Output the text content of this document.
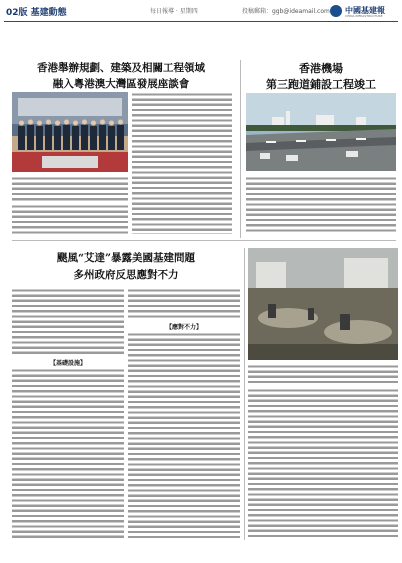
02版 基建動態	每日報導 · 星期四	投稿郵箱：ggb@ideamail.com 中國基建報
CHINA INFRASTRUCTURE
香港舉辦規劃、建築及相關工程領域
融入粵港澳大灣區發展座談會
香港機場
第三跑道鋪設工程竣工
颶風“艾達”暴露美國基建問題
多州政府反思應對不力
【基礎設施】
【應對不力】
